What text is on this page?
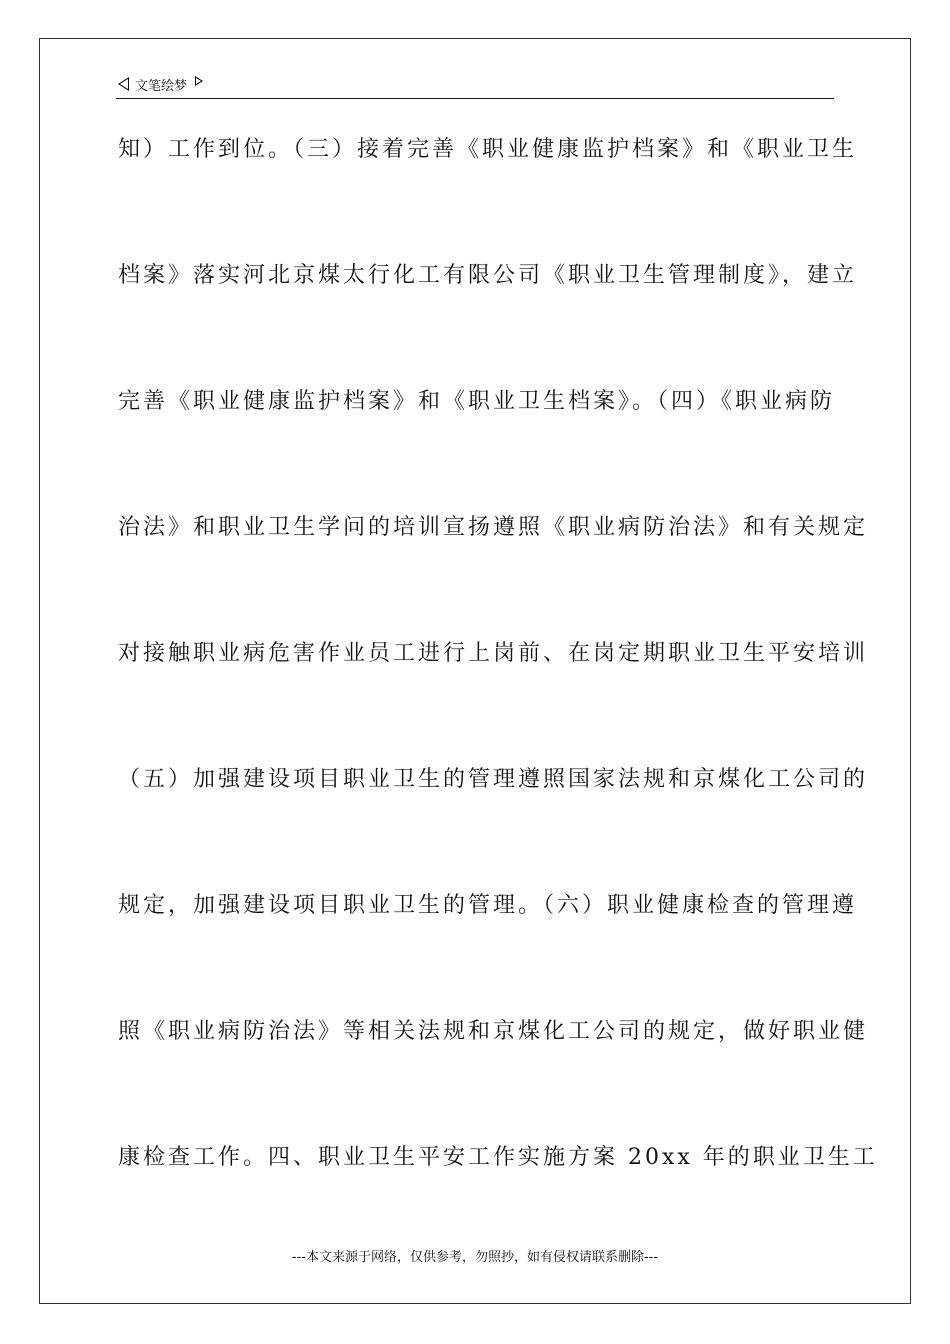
文笔绘梦

知）工作到位。（三）接着完善《职业健康监护档案》和《职业卫生

档案》落实河北京煤太行化工有限公司《职业卫生管理制度》，建立

完善《职业健康监护档案》和《职业卫生档案》。（四）《职业病防

治法》和职业卫生学问的培训宣扬遵照《职业病防治法》和有关规定

对接触职业病危害作业员工进行上岗前、在岗定期职业卫生平安培训

（五）加强建设项目职业卫生的管理遵照国家法规和京煤化工公司的

规定，加强建设项目职业卫生的管理。（六）职业健康检查的管理遵

照《职业病防治法》等相关法规和京煤化工公司的规定，做好职业健

康检查工作。四、职业卫生平安工作实施方案 20xx 年的职业卫生工

---本文来源于网络，仅供参考，勿照抄，如有侵权请联系删除---
